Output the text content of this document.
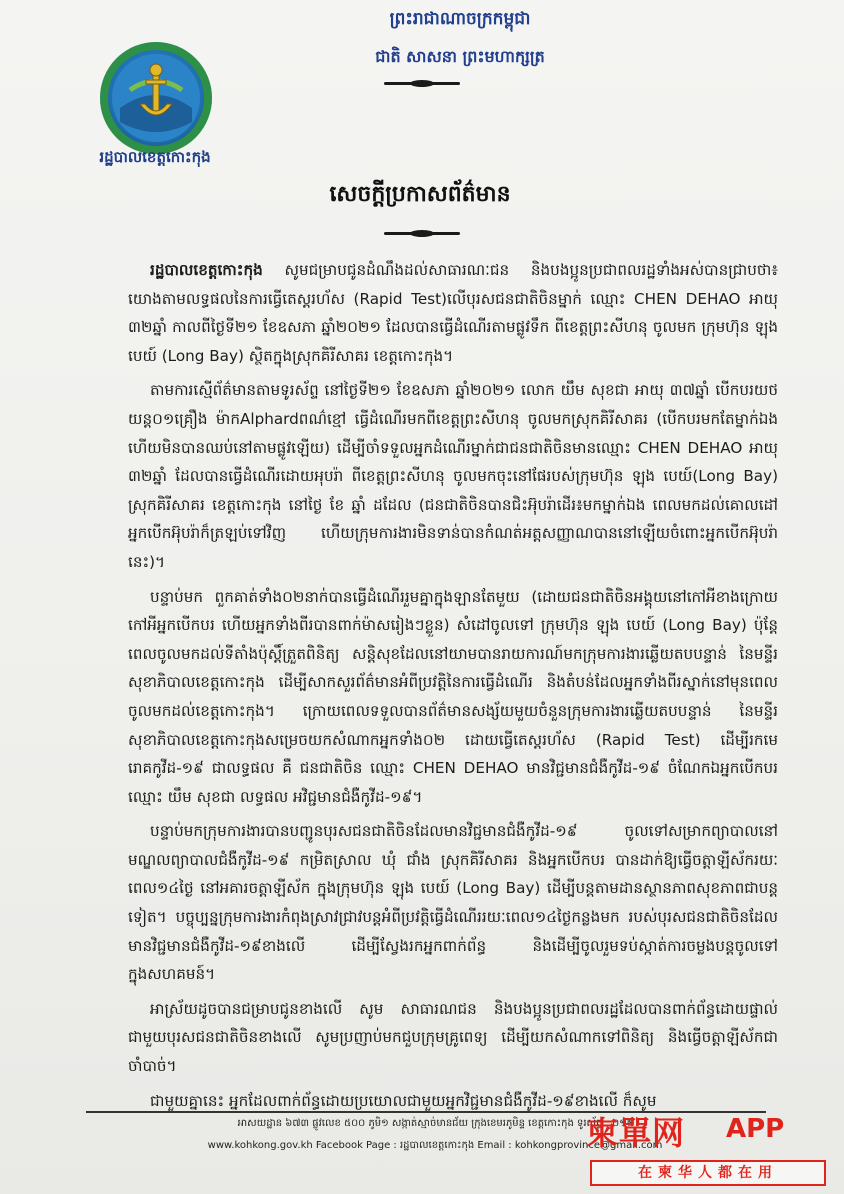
រដ្ឋបាលខេត្តកោះកុង
ព្រះរាជាណាចក្រកម្ពុជា
ជាតិ សាសនា ព្រះមហាក្សត្រ
សេចក្តីប្រកាសព័ត៌មាន

រដ្ឋបាលខេត្តកោះកុង សូមជម្រាបជូនដំណឹងដល់សាធារណៈជន និងបងប្អូនប្រជាពលរដ្ឋទាំងអស់បានជ្រាបថា៖ យោងតាមលទ្ធផលនៃការធ្វើតេស្តរហ័ស (Rapid Test)លើបុរសជនជាតិចិនម្នាក់ ឈ្មោះ CHEN DEHAO អាយុ ៣២ឆ្នាំ កាលពីថ្ងៃទី២១ ខែឧសភា ឆ្នាំ២០២១ ដែលបានធ្វើដំណើរតាមផ្លូវទឹក ពីខេត្តព្រះសីហនុ ចូលមក ក្រុមហ៊ុន ឡុង បេយ៍ (Long Bay) ស្ថិតក្នុងស្រុកគិរីសាគរ ខេត្តកោះកុង។

តាមការស្មើព័ត៌មានតាមទូរស័ព្ទ នៅថ្ងៃទី២១ ខែឧសភា ឆ្នាំ២០២១ លោក យឹម សុខជា អាយុ ៣៧ឆ្នាំ បើកបរយថយន្ត០១គ្រឿង ម៉ាកAlphardពណ៌ខ្មៅ ធ្វើដំណើរមកពីខេត្តព្រះសីហនុ ចូលមកស្រុកគិរីសាគរ (បើកបរមកតែម្នាក់ឯង ហើយមិនបានឈប់នៅតាមផ្លូវឡើយ) ដើម្បីចាំទទួលអ្នកដំណើរម្នាក់ជាជនជាតិចិនមានឈ្មោះ CHEN DEHAO អាយុ ៣២ឆ្នាំ ដែលបានធ្វើដំណើរដោយអុបរ៉ា ពីខេត្តព្រះសីហនុ ចូលមកចុះនៅផែរបស់ក្រុមហ៊ុន ឡុង បេយ៍(Long Bay) ស្រុកគិរីសាគរ ខេត្តកោះកុង នៅថ្ងៃ ខែ ឆ្នាំ ដដែល (ជនជាតិចិនបានជិះអ៊ុបរ៉ាដើរ៖មកម្នាក់ឯង ពេលមកដល់គោលដៅ អ្នកបើកអ៊ុបរ៉ាក៏ត្រឡប់ទៅវិញ ហើយក្រុមការងារមិនទាន់បានកំណត់អត្តសញ្ញាណបាននៅឡើយចំពោះអ្នកបើកអ៊ុបរ៉ានេះ)។

បន្ទាប់មក ពួកគាត់ទាំង០២នាក់បានធ្វើដំណើររួមគ្នាក្នុងឡានតែមួយ (ដោយជនជាតិចិនអង្គុយនៅកៅអីខាងក្រោយកៅអីអ្នកបើកបរ ហើយអ្នកទាំងពីរបានពាក់ម៉ាសរៀងៗខ្លួន) សំដៅចូលទៅ ក្រុមហ៊ុន ឡុង បេយ៍ (Long Bay) ប៉ុន្តែពេលចូលមកដល់ទីតាំងប៉ុស្តិ៍ត្រួតពិនិត្យ សន្តិសុខដែលនៅយាមបានរាយការណ៍មកក្រុមការងារឆ្លើយតបបន្ទាន់ នៃមន្ទីរសុខាភិបាលខេត្តកោះកុង ដើម្បីសាកសួរព័ត៌មានអំពីប្រវត្តិនៃការធ្វើដំណើរ និងតំបន់ដែលអ្នកទាំងពីរស្នាក់នៅមុនពេលចូលមកដល់ខេត្តកោះកុង។ ក្រោយពេលទទួលបានព័ត៌មានសង្ស័យមួយចំនួនក្រុមការងារឆ្លើយតបបន្ទាន់ នៃមន្ទីរសុខាភិបាលខេត្តកោះកុងសម្រេចយកសំណាកអ្នកទាំង០២ ដោយធ្វើតេស្តរហ័ស (Rapid Test) ដើម្បីរកមេរោគកូវីដ-១៩ ជាលទ្ធផល គឺ ជនជាតិចិន ឈ្មោះ CHEN DEHAO មានវិជ្ជមានជំងឺកូវីដ-១៩ ចំណែកឯអ្នកបើកបរ ឈ្មោះ យឹម សុខជា លទ្ធផល អវិជ្ជមានជំងឺកូវីដ-១៩។

បន្ទាប់មកក្រុមការងារបានបញ្ជូនបុរសជនជាតិចិនដែលមានវិជ្ជមានជំងឺកូវីដ-១៩ ចូលទៅសម្រាកព្យាបាលនៅមណ្ឌលព្យាបាលជំងឺកូវីដ-១៩ កម្រិតស្រាល ឃុំ ជាំង ស្រុកគិរីសាគរ និងអ្នកបើកបរ បានដាក់ឱ្យធ្វើចត្តាឡីស័ករយៈពេល១៤ថ្ងៃ នៅអគារចត្តាឡីស័ក ក្នុងក្រុមហ៊ុន ឡុង បេយ៍ (Long Bay) ដើម្បីបន្តតាមដានស្ថានភាពសុខភាពជាបន្តទៀត។ បច្ចុប្បន្នក្រុមការងារកំពុងស្រាវជ្រាវបន្តអំពីប្រវត្តិធ្វើដំណើររយៈពេល១៤ថ្ងៃកន្លងមក របស់បុរសជនជាតិចិនដែលមានវិជ្ជមានជំងឺកូវីដ-១៩ខាងលើ ដើម្បីស្វែងរកអ្នកពាក់ព័ន្ធ និងដើម្បីចូលរួមទប់ស្កាត់ការចម្លងបន្តចូលទៅក្នុងសហគមន៍។

អាស្រ័យដូចបានជម្រាបជូនខាងលើ សូម សាធារណជន និងបងប្អូនប្រជាពលរដ្ឋដែលបានពាក់ព័ន្ធដោយផ្ទាល់ជាមួយបុរសជនជាតិចិនខាងលើ សូមប្រញាប់មកជួបក្រុមគ្រូពេទ្យ ដើម្បីយកសំណាកទៅពិនិត្យ និងធ្វើចត្តាឡីស័កជាចាំបាច់។

ជាមួយគ្នានេះ អ្នកដែលពាក់ព័ន្ធដោយប្រយោលជាមួយអ្នកវិជ្ជមានជំងឺកូវីដ-១៩ខាងលើ ក៏សូម

អាសយដ្ឋាន ៦៧៣ ផ្លូវលេខ ៥០០ ភូមិ១ សង្កាត់ស្មាច់មានជ័យ ក្រុងខេមរភូមិន្ទ ខេត្តកោះកុង ទូរស័ព្ទ : ០១២
www.kohkong.gov.kh Facebook Page : រដ្ឋបាលខេត្តកោះកុង Email : kohkongprovince@gmail.com
柬單网 APP
在柬华人都在用
